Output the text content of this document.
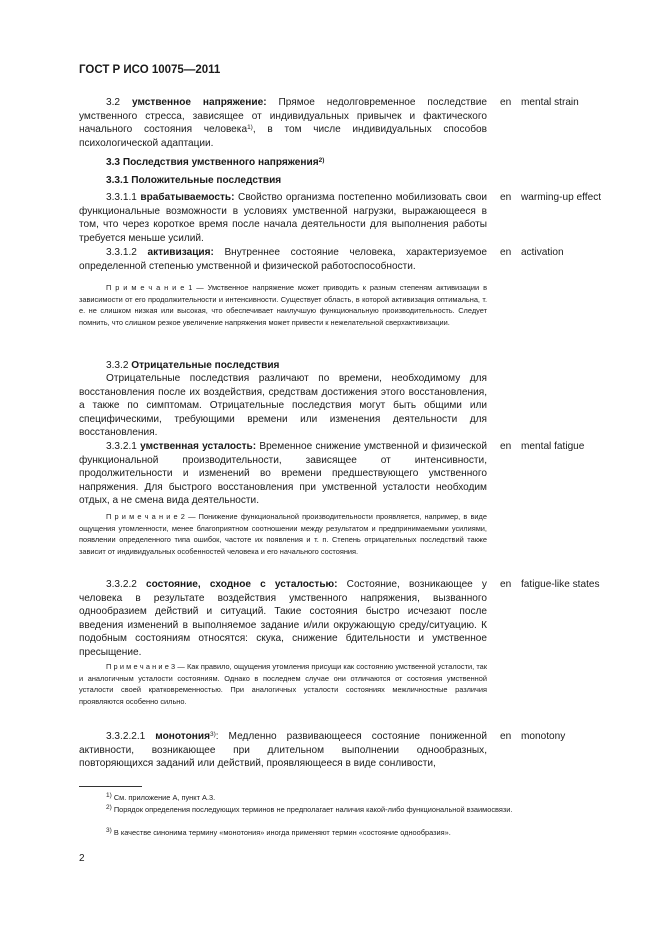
ГОСТ Р ИСО 10075—2011

3.2 умственное напряжение: Прямое недолговременное последствие умственного стресса, зависящее от индивидуальных привычек и фактического начального состояния человека$^{1)}$, в том числе индивидуальных способов психологической адаптации.

en mental strain

3.3 Последствия умственного напряжения$^{2)}$

3.3.1 Положительные последствия

3.3.1.1 врабатываемость: Свойство организма постепенно мобилизовать свои функциональные возможности в условиях умственной нагрузки, выражающееся в том, что через короткое время после начала деятельности для выполнения работы требуется меньше усилий.

en warming-up effect

3.3.1.2 активизация: Внутреннее состояние человека, характеризуемое определенной степенью умственной и физической работоспособности.

en activation

П р и м е ч а н и е 1 — Умственное напряжение может приводить к разным степеням активизации в зависимости от его продолжительности и интенсивности. Существует область, в которой активизация оптимальна, т. е. не слишком низкая или высокая, что обеспечивает наилучшую функциональную производительность. Следует помнить, что слишком резкое увеличение напряжения может привести к нежелательной сверхактивизации.

3.3.2 Отрицательные последствия

Отрицательные последствия различают по времени, необходимому для восстановления после их воздействия, средствам достижения этого восстановления, а также по симптомам. Отрицательные последствия могут быть общими или специфическими, требующими времени или изменения деятельности для восстановления.

3.3.2.1 умственная усталость: Временное снижение умственной и физической функциональной производительности, зависящее от интенсивности, продолжительности и изменений во времени предшествующего умственного напряжения. Для быстрого восстановления при умственной усталости необходим отдых, а не смена вида деятельности.

en mental fatigue

П р и м е ч а н и е 2 — Понижение функциональной производительности проявляется, например, в виде ощущения утомленности, менее благоприятном соотношении между результатом и предпринимаемыми усилиями, появлении определенного типа ошибок, частоте их появления и т. п. Степень отрицательных последствий также зависит от индивидуальных особенностей человека и его начального состояния.

3.3.2.2 состояние, сходное с усталостью: Состояние, возникающее у человека в результате воздействия умственного напряжения, вызванного однообразием действий и ситуаций. Такие состояния быстро исчезают после введения изменений в выполняемое задание и/или окружающую среду/ситуацию. К подобным состояниям относятся: скука, снижение бдительности и умственное пресыщение.

en fatigue-like states

П р и м е ч а н и е 3 — Как правило, ощущения утомления присущи как состоянию умственной усталости, так и аналогичным усталости состояниям. Однако в последнем случае они отличаются от состояния умственной усталости своей кратковременностью. При аналогичных усталости состояниях межличностные различия проявляются особенно сильно.

3.3.2.2.1 монотония$^{3)}$: Медленно развивающееся состояние пониженной активности, возникающее при длительном выполнении однообразных, повторяющихся заданий или действий, проявляющееся в виде сонливости,

en monotony

$^{1)}$ См. приложение А, пункт А.3.

$^{2)}$ Порядок определения последующих терминов не предполагает наличия какой-либо функциональной взаимосвязи.

$^{3)}$ В качестве синонима термину «монотония» иногда применяют термин «состояние однообразия».

2
